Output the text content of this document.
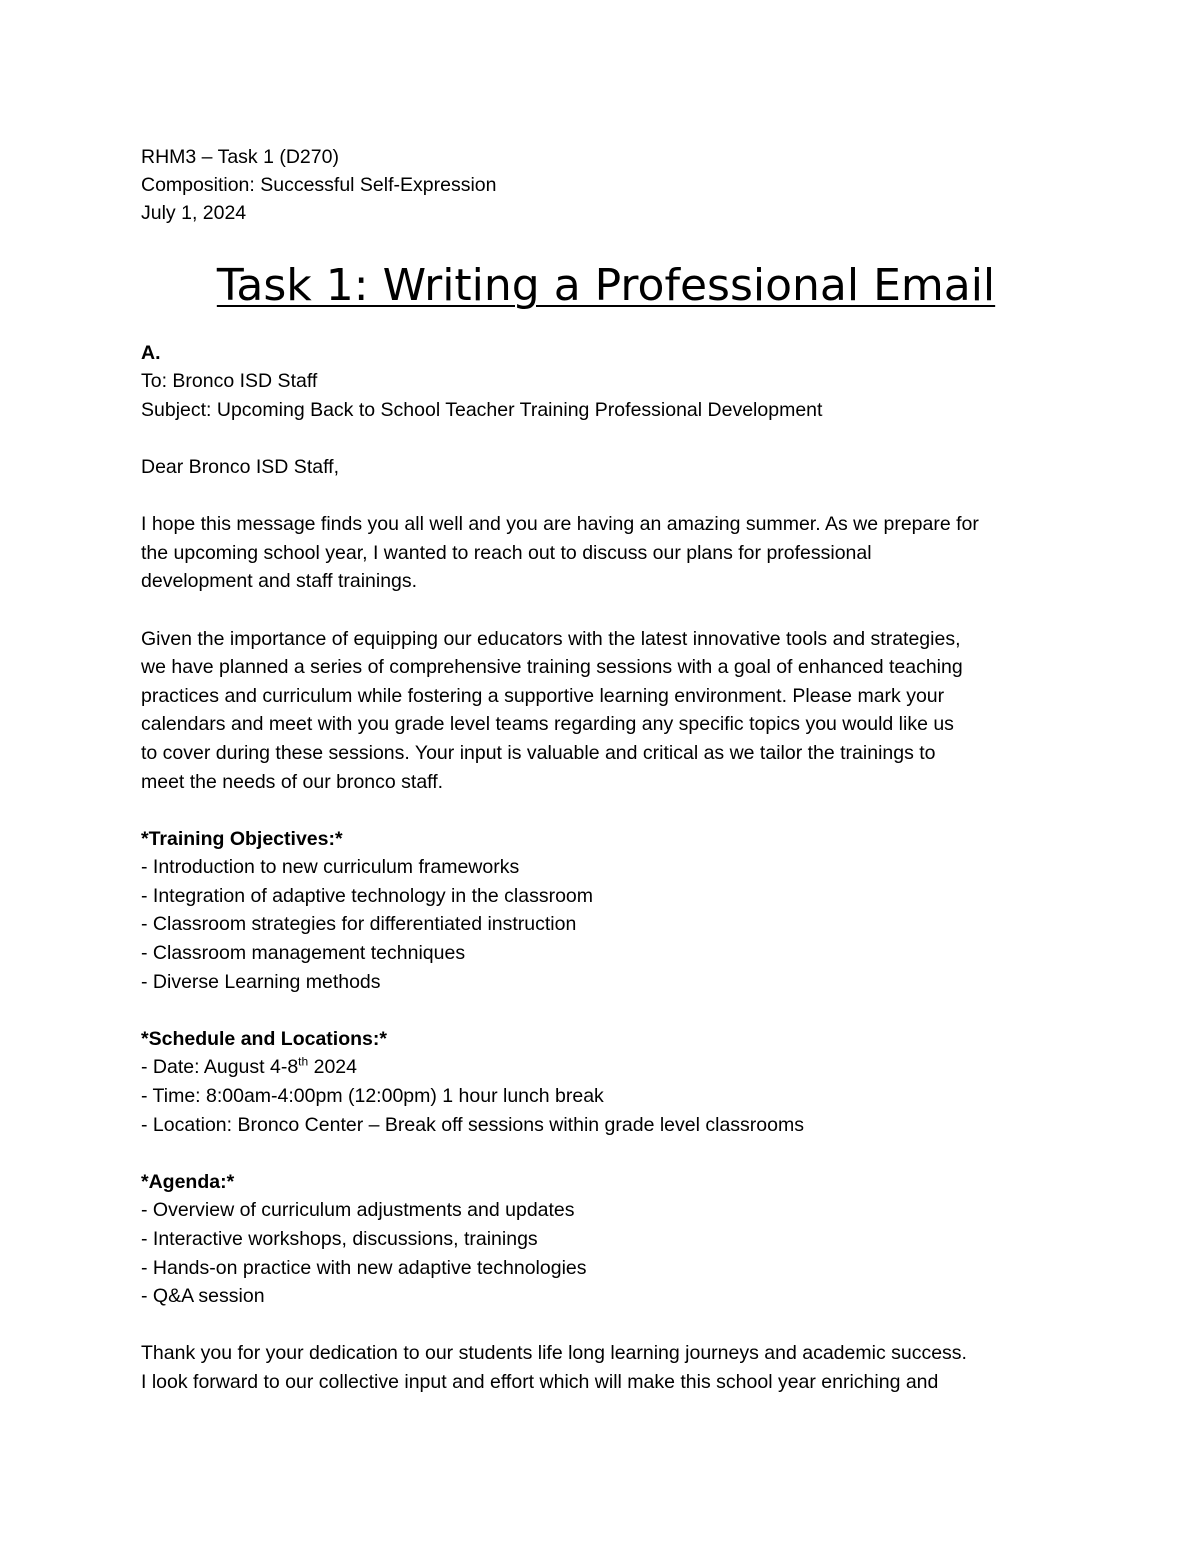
RHM3 – Task 1 (D270)
Composition: Successful Self-Expression
July 1, 2024
Task 1: Writing a Professional Email
A.
To: Bronco ISD Staff
Subject: Upcoming Back to School Teacher Training Professional Development
Dear Bronco ISD Staff,
I hope this message finds you all well and you are having an amazing summer. As we prepare for
the upcoming school year, I wanted to reach out to discuss our plans for professional
development and staff trainings.
Given the importance of equipping our educators with the latest innovative tools and strategies,
we have planned a series of comprehensive training sessions with a goal of enhanced teaching
practices and curriculum while fostering a supportive learning environment. Please mark your
calendars and meet with you grade level teams regarding any specific topics you would like us
to cover during these sessions. Your input is valuable and critical as we tailor the trainings to
meet the needs of our bronco staff.
*Training Objectives:*
- Introduction to new curriculum frameworks
- Integration of adaptive technology in the classroom
- Classroom strategies for differentiated instruction
- Classroom management techniques
- Diverse Learning methods
*Schedule and Locations:*
- Date: August 4-8th 2024
- Time: 8:00am-4:00pm (12:00pm) 1 hour lunch break
- Location: Bronco Center – Break off sessions within grade level classrooms
*Agenda:*
- Overview of curriculum adjustments and updates
- Interactive workshops, discussions, trainings
- Hands-on practice with new adaptive technologies
- Q&A session
Thank you for your dedication to our students life long learning journeys and academic success.
I look forward to our collective input and effort which will make this school year enriching and
